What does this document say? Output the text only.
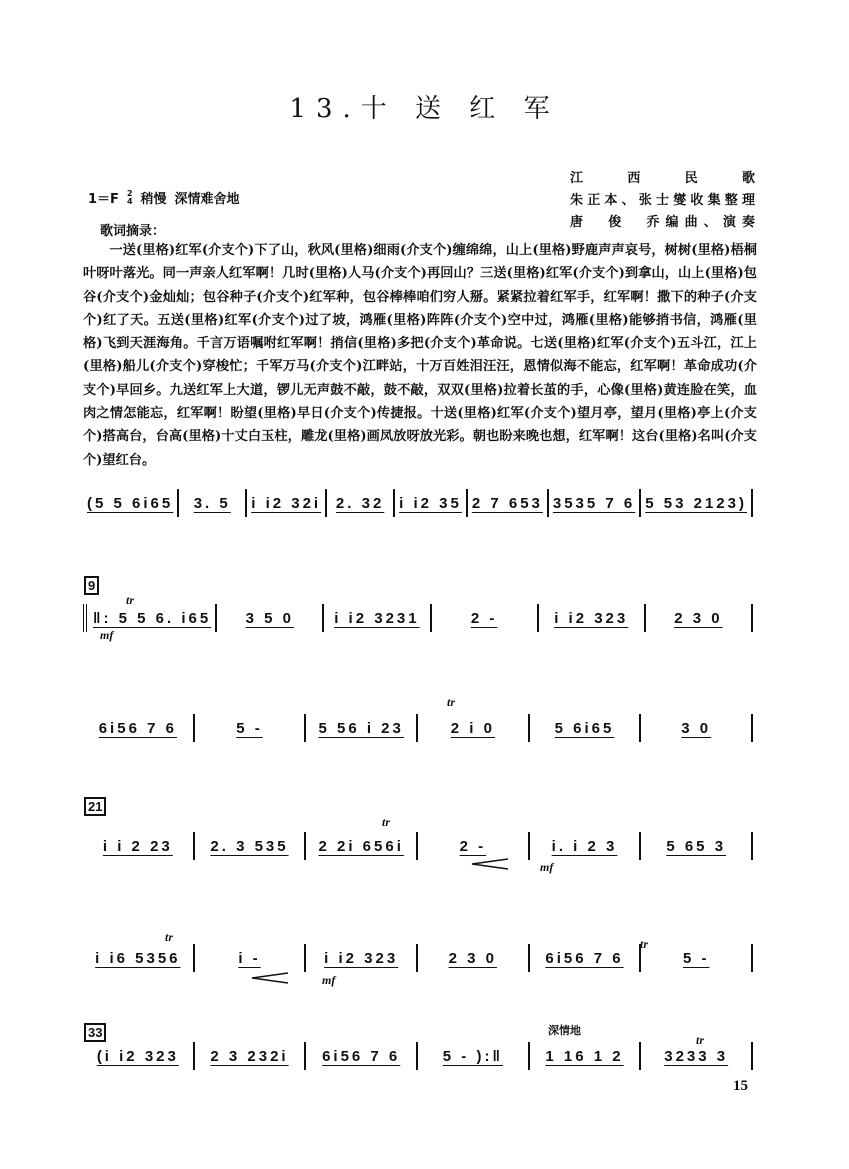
13.十 送 红 军
江　西　民　歌
朱正本、张士燮收集整理
唐　俊　乔编曲、演奏
1＝F 2
4 稍慢 深情难舍地
歌词摘录：
一送(里格)红军(介支个)下了山，秋风(里格)细雨(介支个)缠绵绵，山上(里格)野鹿声声哀号，树树(里格)梧桐叶呀叶落光。同一声亲人红军啊！几时(里格)人马(介支个)再回山？三送(里格)红军(介支个)到拿山，山上(里格)包谷(介支个)金灿灿；包谷种子(介支个)红军种，包谷棒棒咱们穷人掰。紧紧拉着红军手，红军啊！撒下的种子(介支个)红了天。五送(里格)红军(介支个)过了坡，鸿雁(里格)阵阵(介支个)空中过，鸿雁(里格)能够捎书信，鸿雁(里格)飞到天涯海角。千言万语嘱咐红军啊！捎信(里格)多把(介支个)革命说。七送(里格)红军(介支个)五斗江，江上(里格)船儿(介支个)穿梭忙；千军万马(介支个)江畔站，十万百姓泪汪汪，恩情似海不能忘，红军啊！革命成功(介支个)早回乡。九送红军上大道，锣儿无声鼓不敲，鼓不敲，双双(里格)拉着长茧的手，心像(里格)黄连脸在笑，血肉之情怎能忘，红军啊！盼望(里格)早日(介支个)传捷报。十送(里格)红军(介支个)望月亭，望月(里格)亭上(介支个)搭高台，台高(里格)十丈白玉柱，雕龙(里格)画凤放呀放光彩。朝也盼来晚也想，红军啊！这台(里格)名叫(介支个)望红台。
(5 5 6i65 3. 5 i i2 32i 2. 32 i i2 35 2 7 653 3535 7 6 5 53 2123)
9
tr
mf
‖: 5 5 6. i65 3 5 0	i i2 3231	2 -	i i2 323	2 3 0
tr
6i56 7 6	5 -	5 56 i 23	2 i 0	5 6i65	3 0
21
tr
mf
i i 2 23	2. 3 535 2 2i 656i	2 -	i. i 2 3	5 65 3
tr	tr
mf
i i6 5356	i -	i i2 323	2 3 0	6i56 7 6	5 -
33	深情地
tr
(i i2 323 2 3 232i 6i56 7 6	5 - ):‖	1 16 1 2	3233 3
15
